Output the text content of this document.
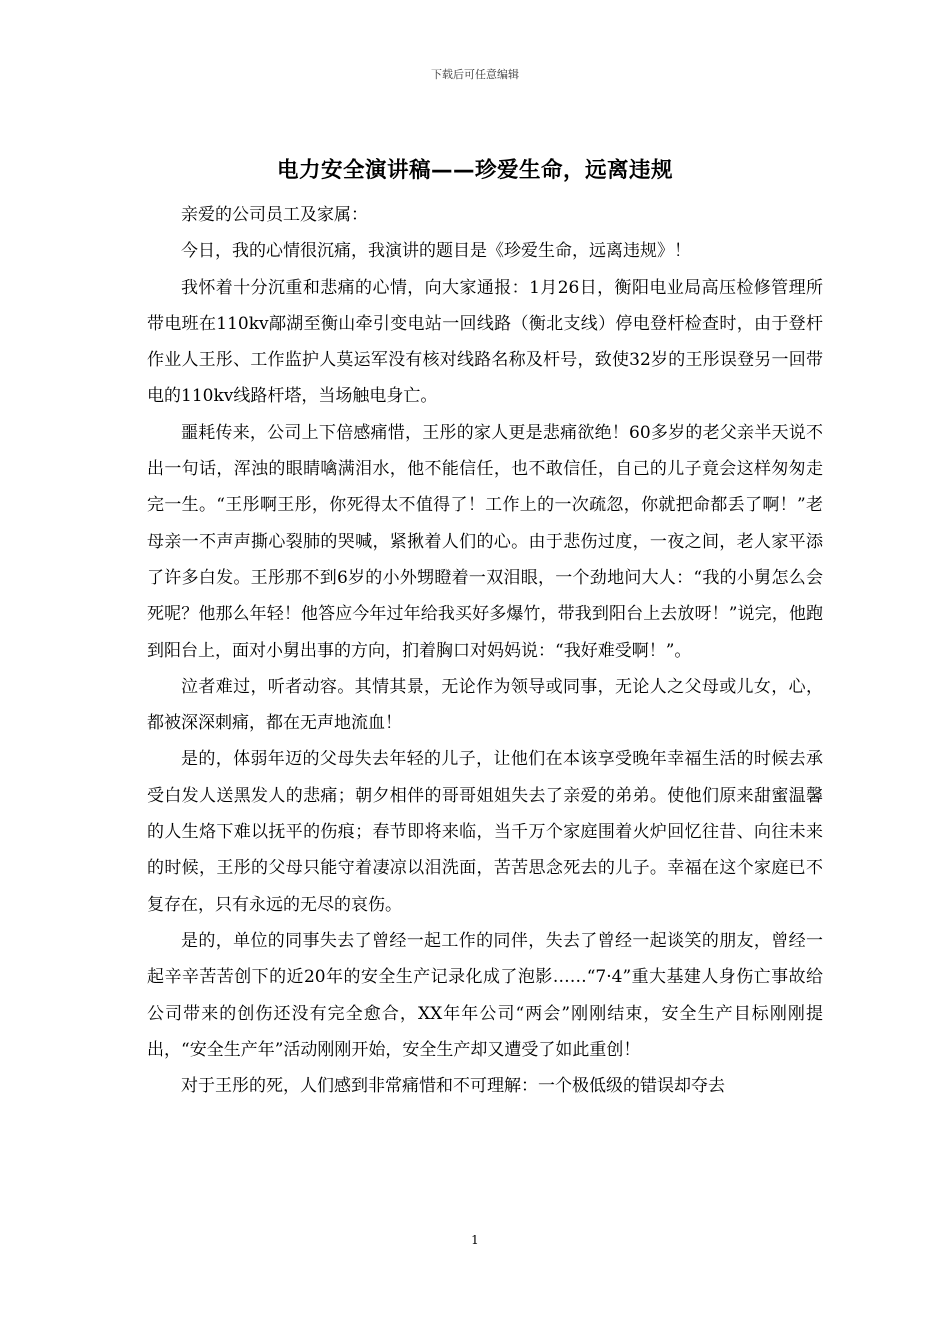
下载后可任意编辑
电力安全演讲稿——珍爱生命，远离违规

亲爱的公司员工及家属：

今日，我的心情很沉痛，我演讲的题目是《珍爱生命，远离违规》！

我怀着十分沉重和悲痛的心情，向大家通报：1月26日，衡阳电业局高压检修管理所带电班在110kv鄗湖至衡山牵引变电站一回线路（衡北支线）停电登杆检查时，由于登杆作业人王彤、工作监护人莫运军没有核对线路名称及杆号，致使32岁的王彤误登另一回带电的110kv线路杆塔，当场触电身亡。

噩耗传来，公司上下倍感痛惜，王彤的家人更是悲痛欲绝！60多岁的老父亲半天说不出一句话，浑浊的眼睛噙满泪水，他不能信任，也不敢信任，自己的儿子竟会这样匆匆走完一生。“王彤啊王彤，你死得太不值得了！工作上的一次疏忽，你就把命都丢了啊！”老母亲一不声声撕心裂肺的哭喊，紧揪着人们的心。由于悲伤过度，一夜之间，老人家平添了许多白发。王彤那不到6岁的小外甥瞪着一双泪眼，一个劲地问大人：“我的小舅怎么会死呢？他那么年轻！他答应今年过年给我买好多爆竹，带我到阳台上去放呀！”说完，他跑到阳台上，面对小舅出事的方向，扪着胸口对妈妈说：“我好难受啊！”。

泣者难过，听者动容。其情其景，无论作为领导或同事，无论人之父母或儿女，心，都被深深刺痛，都在无声地流血！

是的，体弱年迈的父母失去年轻的儿子，让他们在本该享受晚年幸福生活的时候去承受白发人送黑发人的悲痛；朝夕相伴的哥哥姐姐失去了亲爱的弟弟。使他们原来甜蜜温馨的人生烙下难以抚平的伤痕；春节即将来临，当千万个家庭围着火炉回忆往昔、向往未来的时候，王彤的父母只能守着凄凉以泪洗面，苦苦思念死去的儿子。幸福在这个家庭已不复存在，只有永远的无尽的哀伤。

是的，单位的同事失去了曾经一起工作的同伴，失去了曾经一起谈笑的朋友，曾经一起辛辛苦苦创下的近20年的安全生产记录化成了泡影……“7·4”重大基建人身伤亡事故给公司带来的创伤还没有完全愈合，XX年年公司“两会”刚刚结束，安全生产目标刚刚提出，“安全生产年”活动刚刚开始，安全生产却又遭受了如此重创！

对于王彤的死，人们感到非常痛惜和不可理解：一个极低级的错误却夺去

1
